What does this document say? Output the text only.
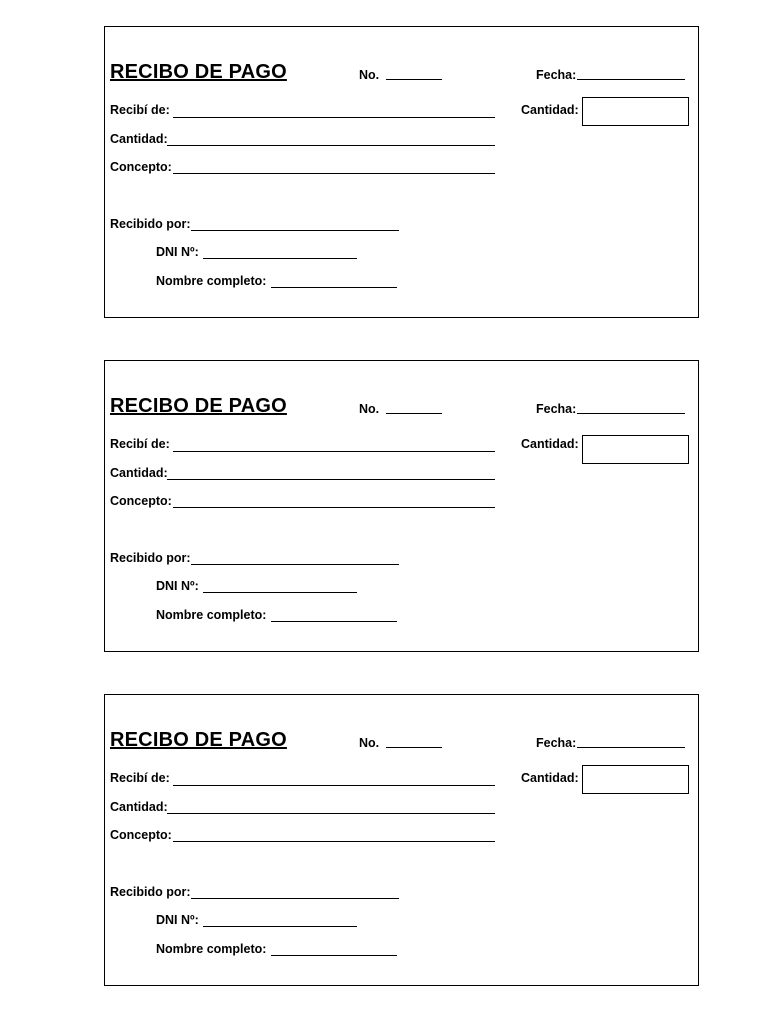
RECIBO DE PAGO	No.	Fecha:
Recibí de:	Cantidad:
Cantidad:
Concepto:
Recibido por:
DNI Nº:
Nombre completo:
RECIBO DE PAGO	No.	Fecha:
Recibí de:	Cantidad:
Cantidad:
Concepto:
Recibido por:
DNI Nº:
Nombre completo:
RECIBO DE PAGO	No.	Fecha:
Recibí de:	Cantidad:
Cantidad:
Concepto:
Recibido por:
DNI Nº:
Nombre completo:
